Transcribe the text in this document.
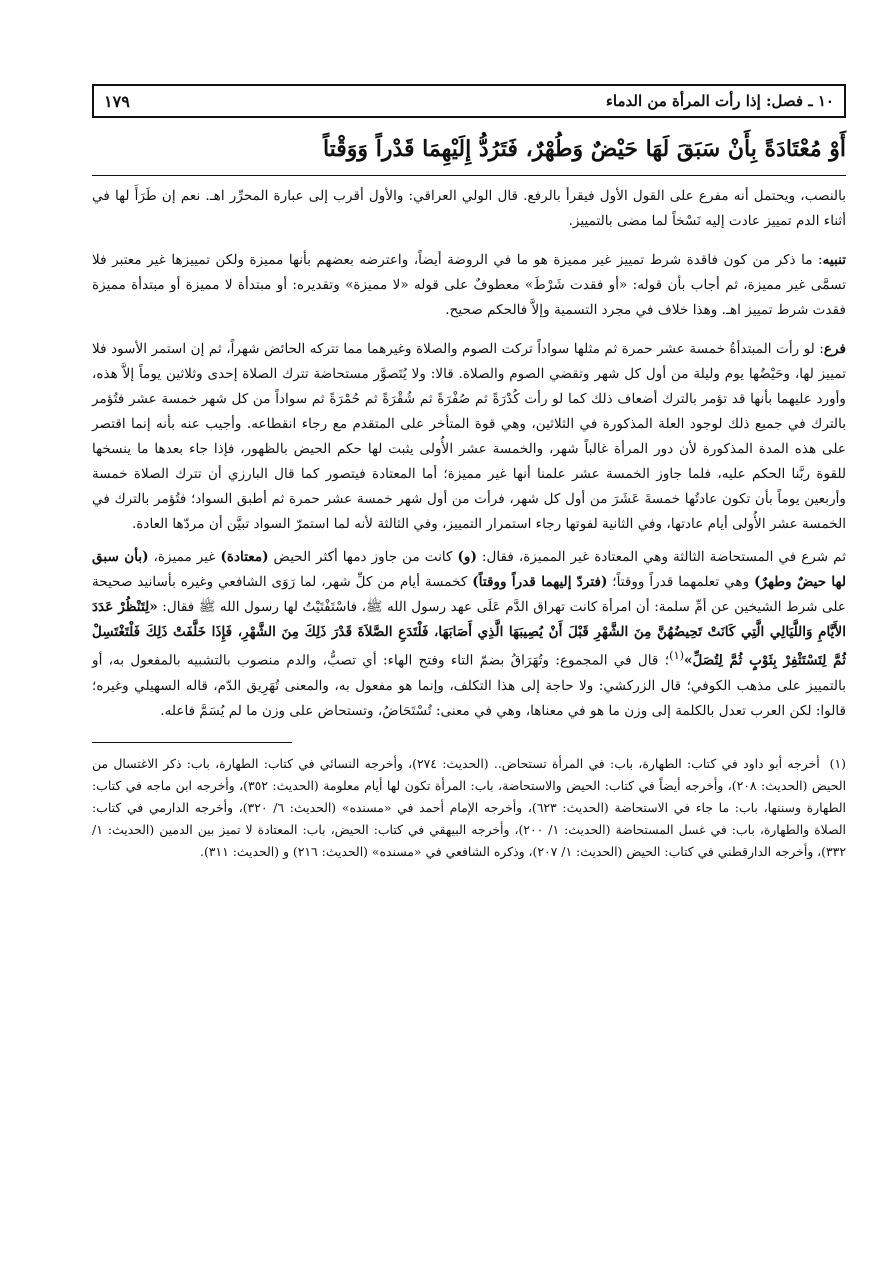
١٠ ـ فصل: إذا رأت المرأة من الدماء
١٧٩
أَوْ مُعْتَادَةً بِأَنْ سَبَقَ لَهَا حَيْضٌ وَطُهْرٌ، فَتَرُدُّ إِلَيْهِمَا قَدْراً وَوَقْتاً

بالنصب، ويحتمل أنه مفرع على القول الأول فيقرأ بالرفع. قال الولي العراقي: والأول أقرب إلى عبارة المحرِّر اهـ. نعم إن طَرَأَ لها في أثناء الدم تمييز عادت إليه نَسْخاً لما مضى بالتمييز.

تنبيه: ما ذكر من كون فاقدة شرط تمييز غير مميزة هو ما في الروضة أيضاً، واعترضه بعضهم بأنها مميزة ولكن تمييزها غير معتبر فلا تسمَّى غير مميزة، ثم أجاب بأن قوله: «أو فقدت شَرْطَ» معطوفٌ على قوله «لا مميزة» وتقديره: أو مبتدأة لا مميزة أو مبتدأة مميزة فقدت شرط تمييز اهـ. وهذا خلاف في مجرد التسمية وإلاَّ فالحكم صحيح.

فرع: لو رأت المبتدأةُ خمسة عشر حمرة ثم مثلها سواداً تركت الصوم والصلاة وغيرهما مما تتركه الحائض شهراً، ثم إن استمر الأسود فلا تمييز لها، وحَيْضُها يوم وليلة من أول كل شهر وتقضي الصوم والصلاة. قالا: ولا يُتَصوَّر مستحاضة تترك الصلاة إحدى وثلاثين يوماً إلاَّ هذه، وأورد عليهما بأنها قد تؤمر بالترك أضعاف ذلك كما لو رأت كُدْرَةً ثم صُفْرَةً ثم شُقْرَةً ثم حُمْرَةً ثم سواداً من كل شهر خمسة عشر فتُؤمر بالترك في جميع ذلك لوجود العلة المذكورة في الثلاثين، وهي قوة المتأخر على المتقدم مع رجاء انقطاعه. وأجيب عنه بأنه إنما اقتصر على هذه المدة المذكورة لأن دور المرأة غالباً شهر، والخمسة عشر الأُولى يثبت لها حكم الحيض بالظهور، فإذا جاء بعدها ما ينسخها للقوة ربَّنا الحكم عليه، فلما جاوز الخمسة عشر علمنا أنها غير مميزة؛ أما المعتادة فيتصور كما قال البارزي أن تترك الصلاة خمسة وأربعين يوماً بأن تكون عادتُها خمسةَ عَشَرَ من أول كل شهر، فرأت من أول شهر خمسة عشر حمرة ثم أطبق السواد؛ فتُؤمر بالترك في الخمسة عشر الأُولى أيام عادتها، وفي الثانية لفوتها رجاء استمرار التمييز، وفي الثالثة لأنه لما استمرّ السواد تبيَّن أن مردّها العادة.

ثم شرع في المستحاضة الثالثة وهي المعتادة غير المميزة، فقال: (و) كانت من جاوز دمها أكثر الحيض (معتادة) غير مميزة، (بأن سبق لها حيضٌ وطهرٌ) وهي تعلمهما قدراً ووقتاً؛ (فتردّ إليهما قدراً ووقتاً) كخمسة أيام من كلِّ شهر، لما رَوَى الشافعي وغيره بأسانيد صحيحة على شرط الشيخين عن أمِّ سلمة: أن امرأة كانت تهراق الدَّم عَلَى عهد رسول الله ﷺ، فاسْتَفْتَيْتُ لها رسول الله ﷺ فقال: «لِتَنْظُرْ عَدَدَ الأَيَّامِ وَاللَّيَالِي الَّتِي كَانَتْ تَحِيضُهُنَّ مِنَ الشَّهْرِ قَبْلَ أَنْ يُصِيبَهَا الَّذِي أَصَابَهَا، فَلْتَدَعِ الصَّلاَةَ قَدْرَ ذَلِكَ مِنَ الشَّهْرِ، فَإِذَا خَلَّفَتْ ذَلِكَ فَلْتَغْتَسِلْ ثُمَّ لِتَسْتَثْفِرْ بِثَوْبٍ ثُمَّ لِتُصَلِّ»$^{(١)}$؛ قال في المجموع: وتُهَرَاقُ بضمّ التاء وفتح الهاء: أي تصبُّ، والدم منصوب بالتشبيه بالمفعول به، أو بالتمييز على مذهب الكوفي؛ قال الزركشي: ولا حاجة إلى هذا التكلف، وإنما هو مفعول به، والمعنى تُهَرِيق الدّم، قاله السهيلي وغيره؛ قالوا: لكن العرب تعدل بالكلمة إلى وزن ما هو في معناها، وهي في معنى: تُسْتَحَاضُ، وتستحاض على وزن ما لم يُسَمَّ فاعله.

(١)أخرجه أبو داود في كتاب: الطهارة، باب: في المرأة تستحاض.. (الحديث: ٢٧٤)، وأخرجه النسائي في كتاب: الطهارة، باب: ذكر الاغتسال من الحيض (الحديث: ٢٠٨)، وأخرجه أيضاً في كتاب: الحيض والاستحاضة، باب: المرأة تكون لها أيام معلومة (الحديث: ٣٥٢)، وأخرجه ابن ماجه في كتاب: الطهارة وسننها، باب: ما جاء في الاستحاضة (الحديث: ٦٢٣)، وأخرجه الإمام أحمد في «مسنده» (الحديث: ٦/ ٣٢٠)، وأخرجه الدارمي في كتاب: الصلاة والطهارة، باب: في غسل المستحاضة (الحديث: ١/ ٢٠٠)، وأخرجه البيهقي في كتاب: الحيض، باب: المعتادة لا تميز بين الدمين (الحديث: ١/ ٣٣٢)، وأخرجه الدارقطني في كتاب: الحيض (الحديث: ١/ ٢٠٧)، وذكره الشافعي في «مسنده» (الحديث: ٢١٦) و (الحديث: ٣١١).
